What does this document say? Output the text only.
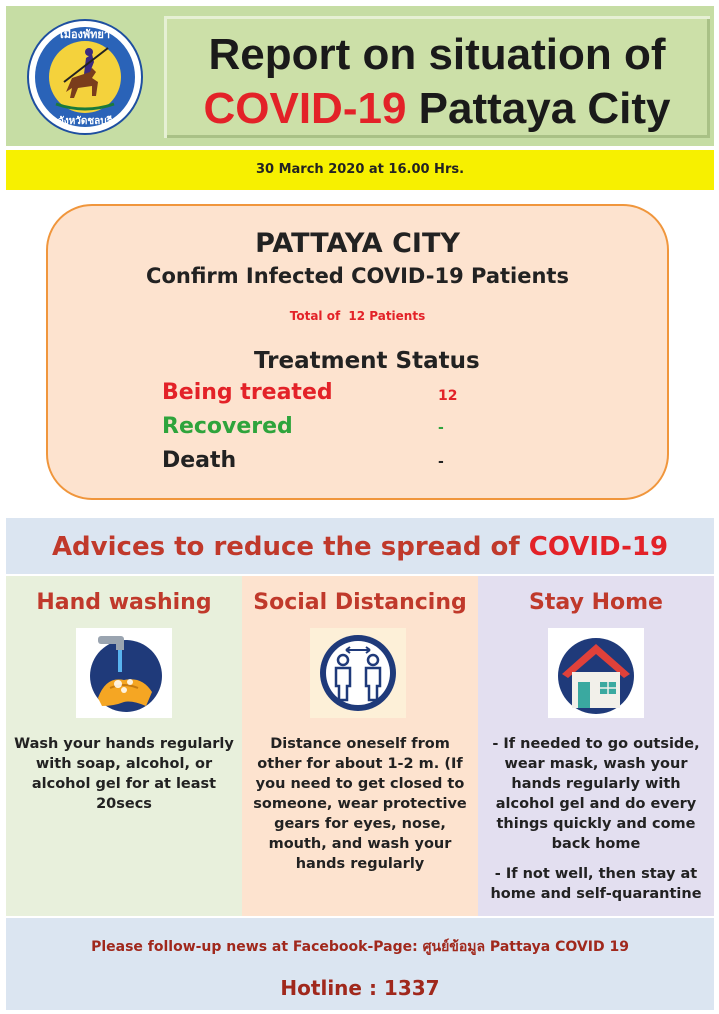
เมืองพัทยา
จังหวัดชลบุรี
Report on situation of
COVID-19 Pattaya City
30 March 2020 at 16.00 Hrs.
PATTAYA CITY
Confirm Infected COVID-19 Patients
Total of 12 Patients
Treatment Status
Being treated	12
Recovered	-
Death	-
Advices to reduce the spread of COVID-19
Hand washing
Wash your hands regularly with soap, alcohol, or alcohol gel for at least 20secs
Social Distancing
Distance oneself from other for about 1-2 m. (If you need to get closed to someone, wear protective gears for eyes, nose, mouth, and wash your hands regularly
Stay Home
- If needed to go outside, wear mask, wash your hands regularly with alcohol gel and do every things quickly and come back home
- If not well, then stay at home and self-quarantine
Please follow-up news at Facebook-Page: ศูนย์ข้อมูล Pattaya COVID 19
Hotline : 1337
